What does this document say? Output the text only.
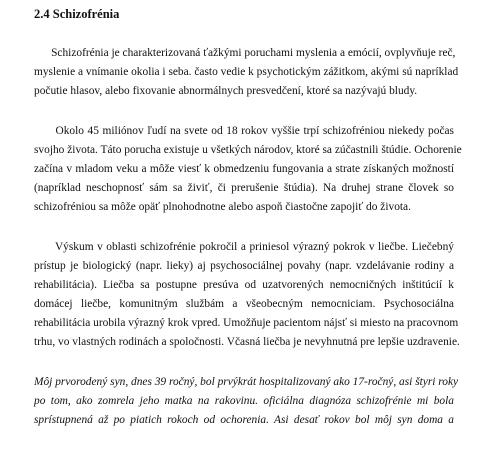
2.4 Schizofrénia
Schizofrénia je charakterizovaná ťažkými poruchami myslenia a emócií, ovplyvňuje reč,
myslenie a vnímanie okolia i seba. často vedie k psychotickým zážitkom, akými sú napríklad
počutie hlasov, alebo fixovanie abnormálnych presvedčení, ktoré sa nazývajú bludy.
Okolo 45 miliónov ľudí na svete od 18 rokov vyššie trpí schizofréniou niekedy počas
svojho života. Táto porucha existuje u všetkých národov, ktoré sa zúčastnili štúdie. Ochorenie
začína v mladom veku a môže viesť k obmedzeniu fungovania a strate získaných možností
(napríklad neschopnosť sám sa živiť, či prerušenie štúdia). Na druhej strane človek so
schizofréniou sa môže opäť plnohodnotne alebo aspoň čiastočne zapojiť do života.
Výskum v oblasti schizofrénie pokročil a priniesol výrazný pokrok v liečbe. Liečebný
prístup je biologický (napr. lieky) aj psychosociálnej povahy (napr. vzdelávanie rodiny a
rehabilitácia). Liečba sa postupne presúva od uzatvorených nemocničných inštitúcií k
domácej liečbe, komunitným službám a všeobecným nemocniciam. Psychosociálna
rehabilitácia urobila výrazný krok vpred. Umožňuje pacientom nájsť si miesto na pracovnom
trhu, vo vlastných rodinách a spoločnosti. Včasná liečba je nevyhnutná pre lepšie uzdravenie.
Môj prvorodený syn, dnes 39 ročný, bol prvýkrát hospitalizovaný ako 17-ročný, asi štyri roky
po tom, ako zomrela jeho matka na rakovinu. oficiálna diagnóza schizofrénie mi bola
sprístupnená až po piatich rokoch od ochorenia. Asi desať rokov bol môj syn doma a
